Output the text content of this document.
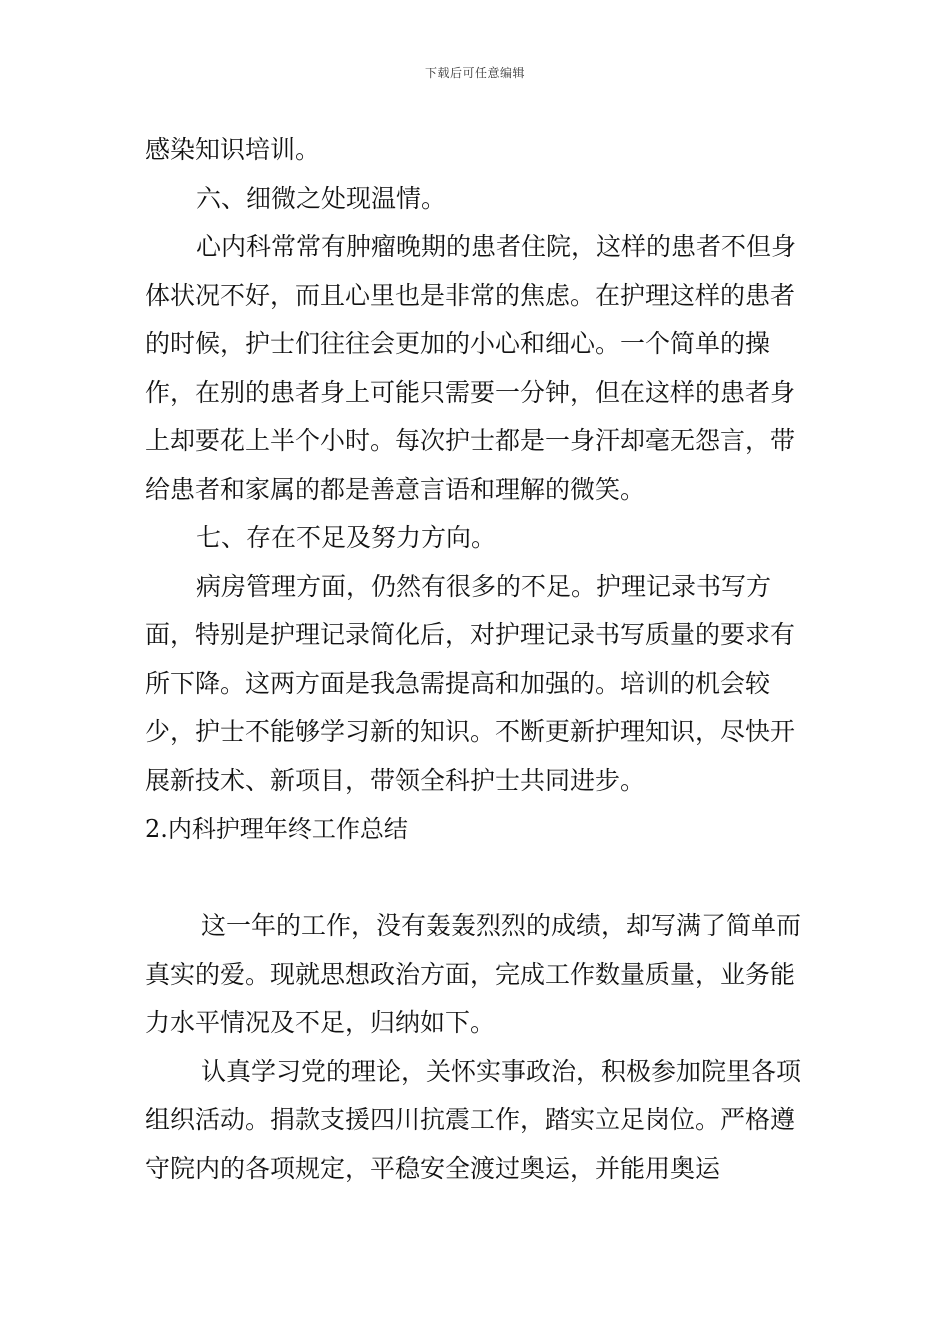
下载后可任意编辑

感染知识培训。

六、细微之处现温情。

心内科常常有肿瘤晚期的患者住院，这样的患者不但身体状况不好，而且心里也是非常的焦虑。在护理这样的患者的时候，护士们往往会更加的小心和细心。一个简单的操作，在别的患者身上可能只需要一分钟，但在这样的患者身上却要花上半个小时。每次护士都是一身汗却毫无怨言，带给患者和家属的都是善意言语和理解的微笑。

七、存在不足及努力方向。

病房管理方面，仍然有很多的不足。护理记录书写方面，特别是护理记录简化后，对护理记录书写质量的要求有所下降。这两方面是我急需提高和加强的。培训的机会较少，护士不能够学习新的知识。不断更新护理知识，尽快开展新技术、新项目，带领全科护士共同进步。

2.内科护理年终工作总结

这一年的工作，没有轰轰烈烈的成绩，却写满了简单而真实的爱。现就思想政治方面，完成工作数量质量，业务能力水平情况及不足，归纳如下。

认真学习党的理论，关怀实事政治，积极参加院里各项组织活动。捐款支援四川抗震工作，踏实立足岗位。严格遵守院内的各项规定，平稳安全渡过奥运，并能用奥运
